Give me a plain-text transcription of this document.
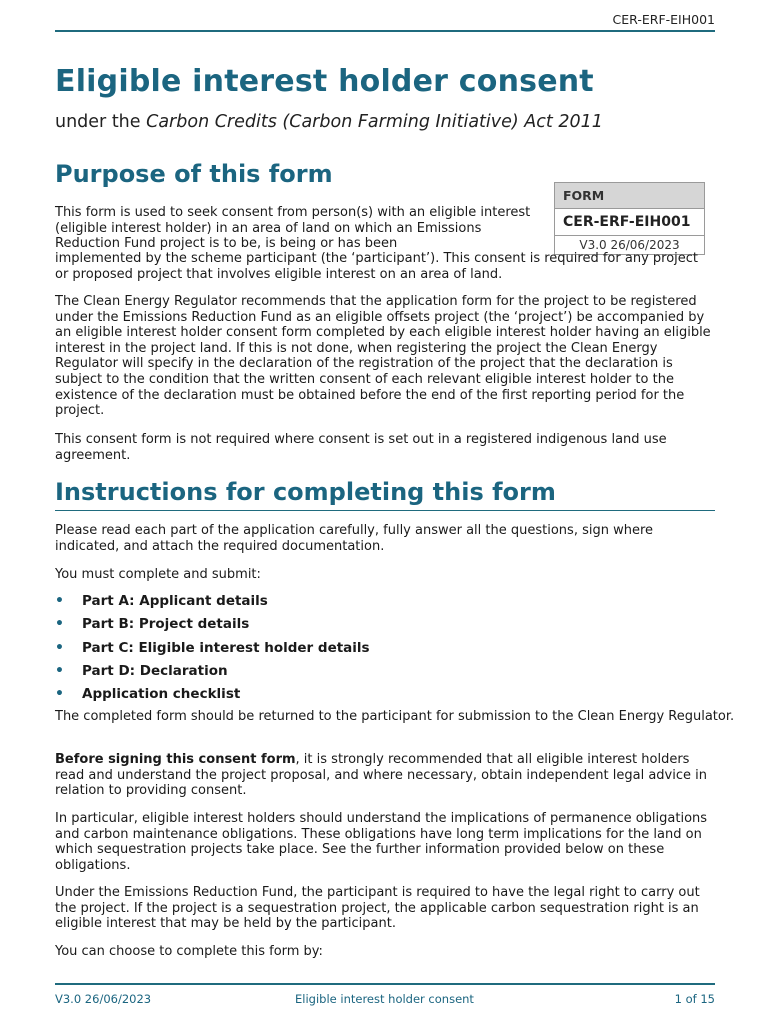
CER-ERF-EIH001
Eligible interest holder consent
under the Carbon Credits (Carbon Farming Initiative) Act 2011
Purpose of this form
FORM
CER-ERF-EIH001
V3.0 26/06/2023

This form is used to seek consent from person(s) with an eligible interest (eligible interest holder) in an area of land on which an Emissions Reduction Fund project is to be, is being or has been

implemented by the scheme participant (the ‘participant’). This consent is required for any project or proposed project that involves eligible interest on an area of land.

The Clean Energy Regulator recommends that the application form for the project to be registered under the Emissions Reduction Fund as an eligible offsets project (the ‘project’) be accompanied by an eligible interest holder consent form completed by each eligible interest holder having an eligible interest in the project land. If this is not done, when registering the project the Clean Energy Regulator will specify in the declaration of the registration of the project that the declaration is subject to the condition that the written consent of each relevant eligible interest holder to the existence of the declaration must be obtained before the end of the first reporting period for the project.

This consent form is not required where consent is set out in a registered indigenous land use agreement.

Instructions for completing this form

Please read each part of the application carefully, fully answer all the questions, sign where indicated, and attach the required documentation.

You must complete and submit:

• Part A: Applicant details
• Part B: Project details
• Part C: Eligible interest holder details
• Part D: Declaration
• Application checklist

The completed form should be returned to the participant for submission to the Clean Energy Regulator.

Before signing this consent form, it is strongly recommended that all eligible interest holders read and understand the project proposal, and where necessary, obtain independent legal advice in relation to providing consent.

In particular, eligible interest holders should understand the implications of permanence obligations and carbon maintenance obligations. These obligations have long term implications for the land on which sequestration projects take place. See the further information provided below on these obligations.

Under the Emissions Reduction Fund, the participant is required to have the legal right to carry out the project. If the project is a sequestration project, the applicable carbon sequestration right is an eligible interest that may be held by the participant.

You can choose to complete this form by:

V3.0 26/06/2023	Eligible interest holder consent	1 of 15
